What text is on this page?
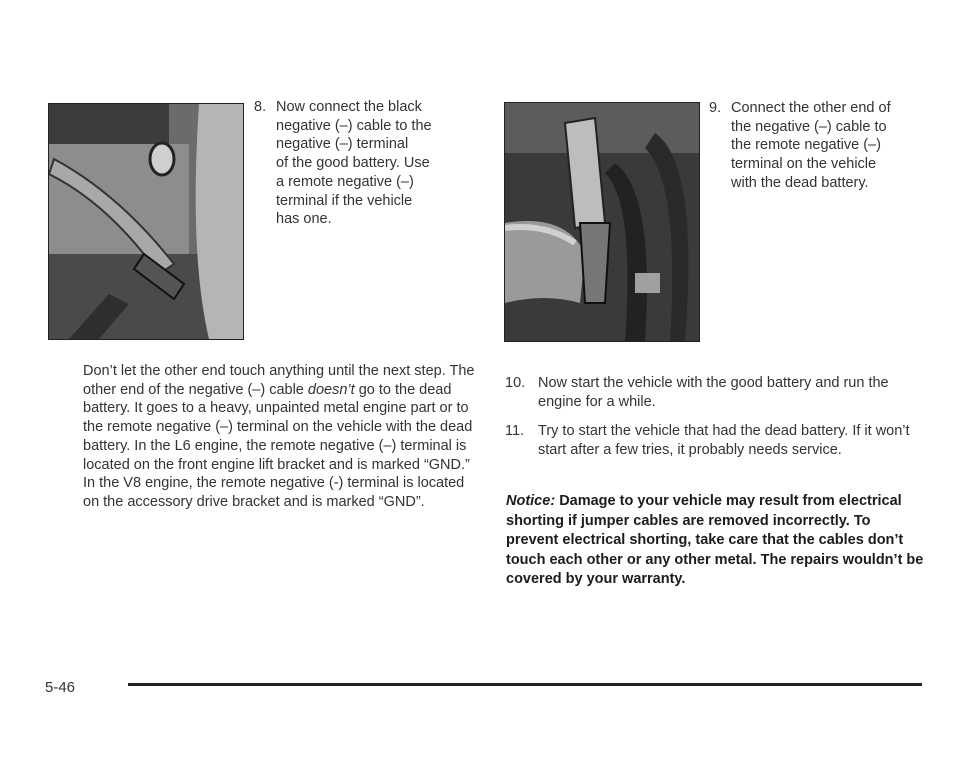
8. Now connect the black
negative (–) cable to the
negative (–) terminal
of the good battery. Use
a remote negative (–)
terminal if the vehicle
has one.
9. Connect the other end of
the negative (–) cable to
the remote negative (–)
terminal on the vehicle
with the dead battery.
Don’t let the other end touch anything until the next step. The other end of the negative (–) cable doesn’t go to the dead battery. It goes to a heavy, unpainted metal engine part or to the remote negative (–) terminal on the vehicle with the dead battery. In the L6 engine, the remote negative (–) terminal is located on the front engine lift bracket and is marked “GND.” In the V8 engine, the remote negative (-) terminal is located on the accessory drive bracket and is marked “GND”.
10. Now start the vehicle with the good battery and run the engine for a while.
11. Try to start the vehicle that had the dead battery. If it won’t start after a few tries, it probably needs service.
Notice: Damage to your vehicle may result from electrical shorting if jumper cables are removed incorrectly. To prevent electrical shorting, take care that the cables don’t touch each other or any other metal. The repairs wouldn’t be covered by your warranty.
5-46
